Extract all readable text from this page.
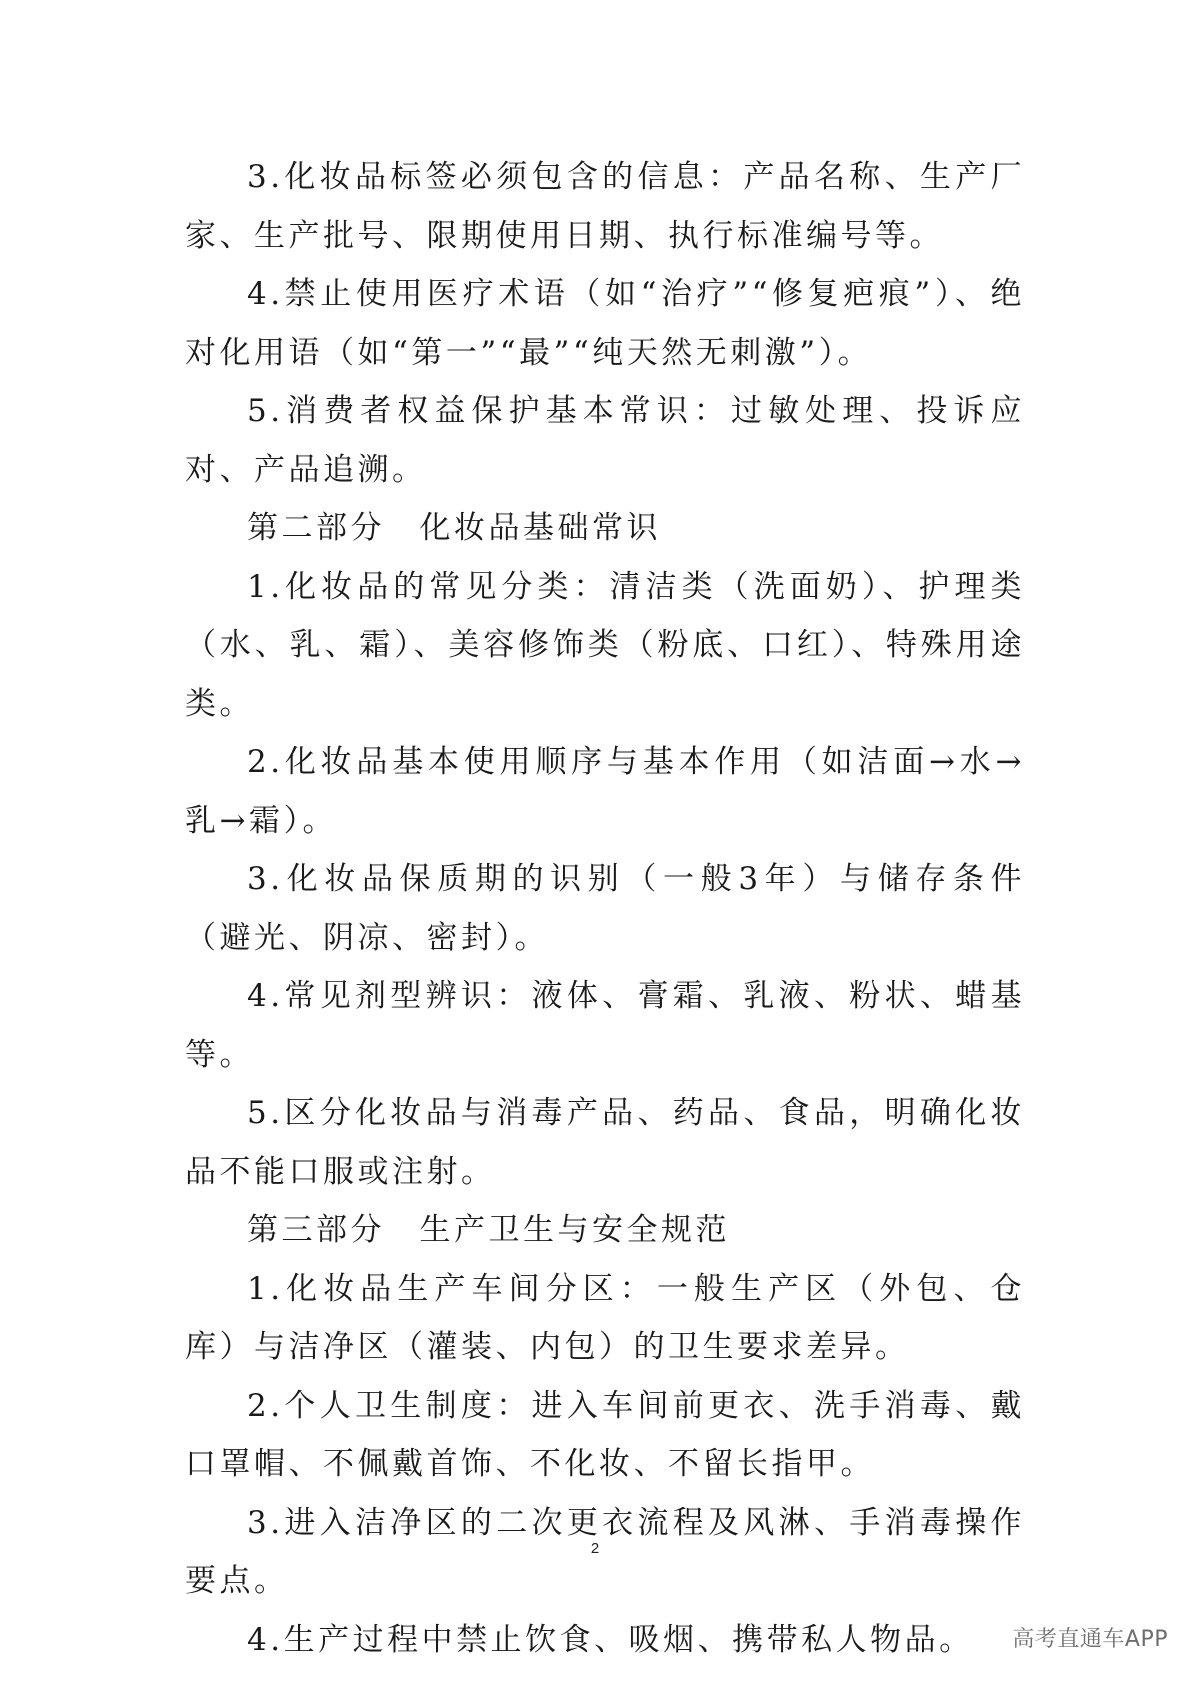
3.化妆品标签必须包含的信息：产品名称、生产厂家、生产批号、限期使用日期、执行标准编号等。

4.禁止使用医疗术语（如“治疗”“修复疤痕”）、绝对化用语（如“第一”“最”“纯天然无刺激”）。

5.消费者权益保护基本常识：过敏处理、投诉应对、产品追溯。

第二部分　化妆品基础常识

1.化妆品的常见分类：清洁类（洗面奶）、护理类（水、乳、霜）、美容修饰类（粉底、口红）、特殊用途类。

2.化妆品基本使用顺序与基本作用（如洁面→水→乳→霜）。

3.化妆品保质期的识别（一般3年）与储存条件（避光、阴凉、密封）。

4.常见剂型辨识：液体、膏霜、乳液、粉状、蜡基等。

5.区分化妆品与消毒产品、药品、食品，明确化妆品不能口服或注射。

第三部分　生产卫生与安全规范

1.化妆品生产车间分区：一般生产区（外包、仓库）与洁净区（灌装、内包）的卫生要求差异。

2.个人卫生制度：进入车间前更衣、洗手消毒、戴口罩帽、不佩戴首饰、不化妆、不留长指甲。

3.进入洁净区的二次更衣流程及风淋、手消毒操作要点。

4.生产过程中禁止饮食、吸烟、携带私人物品。

2
高考直通车APP
